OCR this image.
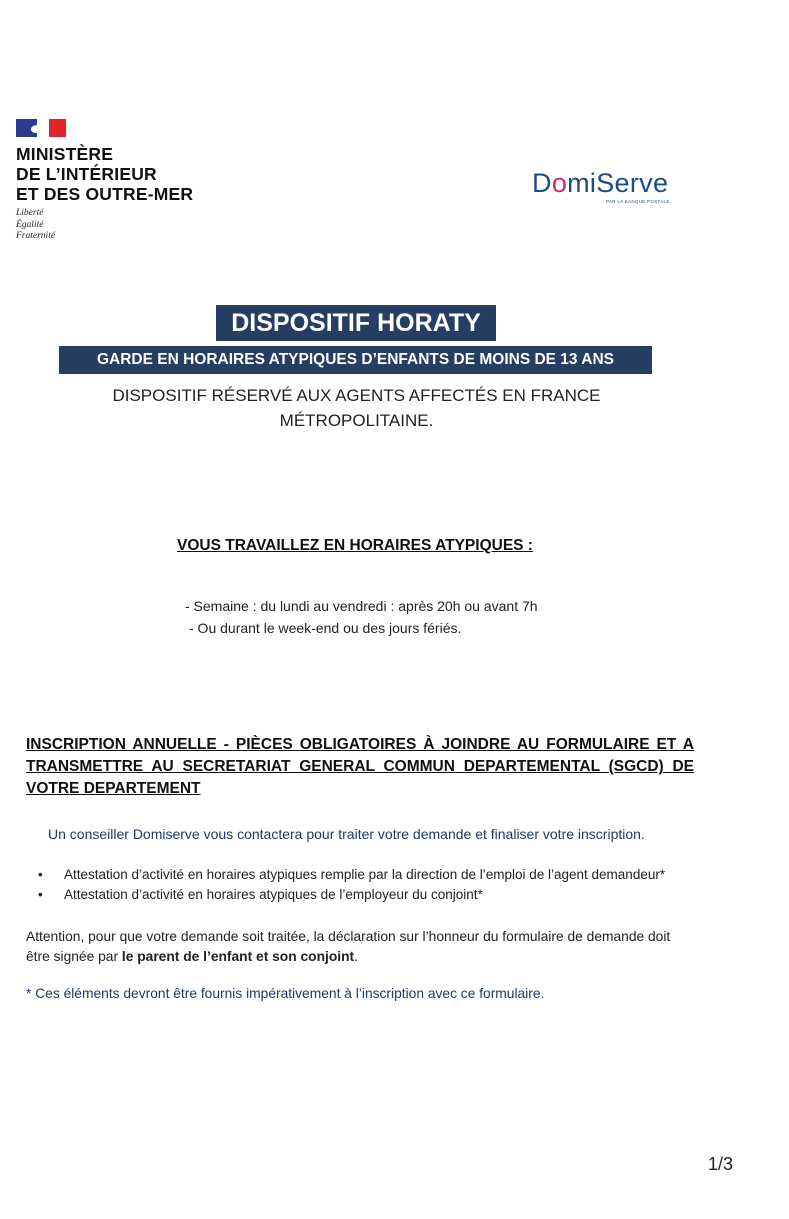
MINISTÈRE
DE L’INTÉRIEUR
ET DES OUTRE-MER
Liberté
Égalité
Fraternité
DomiServe
PAR LA BANQUE POSTALE
DISPOSITIF HORATY
GARDE EN HORAIRES ATYPIQUES D’ENFANTS DE MOINS DE 13 ANS
DISPOSITIF RÉSERVÉ AUX AGENTS AFFECTÉS EN FRANCE MÉTROPOLITAINE.
VOUS TRAVAILLEZ EN HORAIRES ATYPIQUES :
- Semaine : du lundi au vendredi : après 20h ou avant 7h
- Ou durant le week-end ou des jours fériés.
INSCRIPTION ANNUELLE - PIÈCES OBLIGATOIRES À JOINDRE AU FORMULAIRE ET A TRANSMETTRE AU SECRETARIAT GENERAL COMMUN DEPARTEMENTAL (SGCD) DE VOTRE DEPARTEMENT
Un conseiller Domiserve vous contactera pour traiter votre demande et finaliser votre inscription.
• Attestation d’activité en horaires atypiques remplie par la direction de l’emploi de l’agent demandeur*
• Attestation d’activité en horaires atypiques de l’employeur du conjoint*
Attention, pour que votre demande soit traitée, la déclaration sur l’honneur du formulaire de demande doit être signée par le parent de l’enfant et son conjoint.
* Ces éléments devront être fournis impérativement à l’inscription avec ce formulaire.
1/3
